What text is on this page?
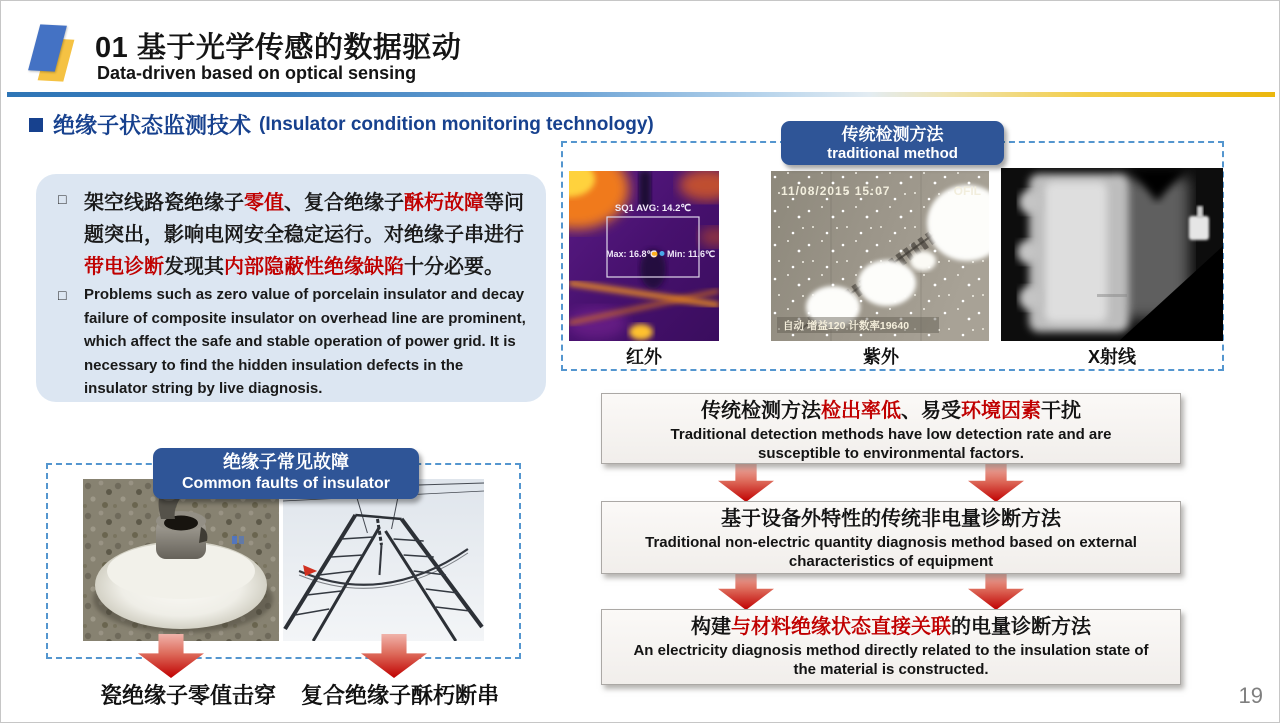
01 基于光学传感的数据驱动
Data-driven based on optical sensing
绝缘子状态监测技术 (Insulator condition monitoring technology)
□ 架空线路瓷绝缘子零值、复合绝缘子酥朽故障等问题突出，影响电网安全稳定运行。对绝缘子串进行带电诊断发现其内部隐蔽性绝缘缺陷十分必要。
□	Problems such as zero value of porcelain insulator and decay failure of composite insulator on overhead line are prominent, which affect the safe and stable operation of power grid. It is necessary to find the hidden insulation defects in the insulator string by live diagnosis.
传统检测方法
traditional method
SQ1 AVG: 14.2℃
Max: 16.8℃ Min: 11.6℃
11/08/2015 15:07	OFIL
自动 增益120 计数率19640
红外	紫外	X射线
传统检测方法检出率低、易受环境因素干扰
Traditional detection methods have low detection rate and are susceptible to environmental factors.
基于设备外特性的传统非电量诊断方法
Traditional non-electric quantity diagnosis method based on external characteristics of equipment
构建与材料绝缘状态直接关联的电量诊断方法
An electricity diagnosis method directly related to the insulation state of the material is constructed.
绝缘子常见故障
Common faults of insulator
瓷绝缘子零值击穿 复合绝缘子酥朽断串	19
